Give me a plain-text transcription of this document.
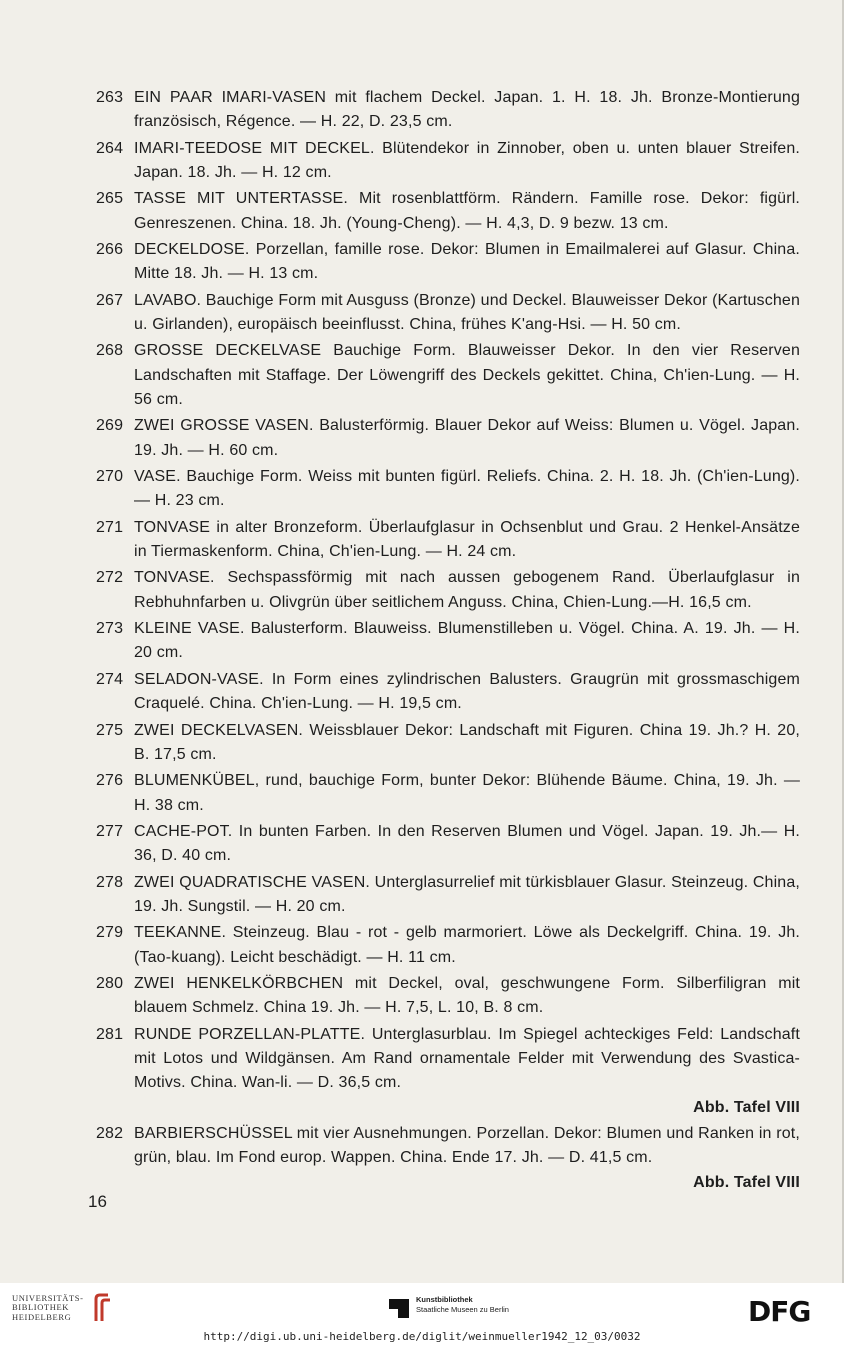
263 EIN PAAR IMARI-VASEN mit flachem Deckel. Japan. 1. H. 18. Jh. Bronze-Montierung französisch, Régence. — H. 22, D. 23,5 cm.
264 IMARI-TEEDOSE MIT DECKEL. Blütendekor in Zinnober, oben u. unten blauer Streifen. Japan. 18. Jh. — H. 12 cm.
265 TASSE MIT UNTERTASSE. Mit rosenblattförm. Rändern. Famille rose. Dekor: figürl. Genreszenen. China. 18. Jh. (Young-Cheng). — H. 4,3, D. 9 bezw. 13 cm.
266 DECKELDOSE. Porzellan, famille rose. Dekor: Blumen in Emailmalerei auf Glasur. China. Mitte 18. Jh. — H. 13 cm.
267 LAVABO. Bauchige Form mit Ausguss (Bronze) und Deckel. Blauweisser Dekor (Kartuschen u. Girlanden), europäisch beeinflusst. China, frühes K'ang-Hsi. — H. 50 cm.
268 GROSSE DECKELVASE Bauchige Form. Blauweisser Dekor. In den vier Reserven Landschaften mit Staffage. Der Löwengriff des Deckels gekittet. China, Ch'ien-Lung. — H. 56 cm.
269 ZWEI GROSSE VASEN. Balusterförmig. Blauer Dekor auf Weiss: Blumen u. Vögel. Japan. 19. Jh. — H. 60 cm.
270 VASE. Bauchige Form. Weiss mit bunten figürl. Reliefs. China. 2. H. 18. Jh. (Ch'ien-Lung). — H. 23 cm.
271 TONVASE in alter Bronzeform. Überlaufglasur in Ochsenblut und Grau. 2 Henkel-Ansätze in Tiermaskenform. China, Ch'ien-Lung. — H. 24 cm.
272 TONVASE. Sechspassförmig mit nach aussen gebogenem Rand. Überlaufglasur in Rebhuhnfarben u. Olivgrün über seitlichem Anguss. China, Chien-Lung.—H. 16,5 cm.
273 KLEINE VASE. Balusterform. Blauweiss. Blumenstilleben u. Vögel. China. A. 19. Jh. — H. 20 cm.
274 SELADON-VASE. In Form eines zylindrischen Balusters. Graugrün mit grossmaschigem Craquelé. China. Ch'ien-Lung. — H. 19,5 cm.
275 ZWEI DECKELVASEN. Weissblauer Dekor: Landschaft mit Figuren. China 19. Jh.? H. 20, B. 17,5 cm.
276 BLUMENKÜBEL, rund, bauchige Form, bunter Dekor: Blühende Bäume. China, 19. Jh. — H. 38 cm.
277 CACHE-POT. In bunten Farben. In den Reserven Blumen und Vögel. Japan. 19. Jh.— H. 36, D. 40 cm.
278 ZWEI QUADRATISCHE VASEN. Unterglasurrelief mit türkisblauer Glasur. Steinzeug. China, 19. Jh. Sungstil. — H. 20 cm.
279 TEEKANNE. Steinzeug. Blau - rot - gelb marmoriert. Löwe als Deckelgriff. China. 19. Jh. (Tao-kuang). Leicht beschädigt. — H. 11 cm.
280 ZWEI HENKELKÖRBCHEN mit Deckel, oval, geschwungene Form. Silberfiligran mit blauem Schmelz. China 19. Jh. — H. 7,5, L. 10, B. 8 cm.
281 RUNDE PORZELLAN-PLATTE. Unterglasurblau. Im Spiegel achteckiges Feld: Landschaft mit Lotos und Wildgänsen. Am Rand ornamentale Felder mit Verwendung des Svastica-Motivs. China. Wan-li. — D. 36,5 cm.
Abb. Tafel VIII
282 BARBIERSCHÜSSEL mit vier Ausnehmungen. Porzellan. Dekor: Blumen und Ranken in rot, grün, blau. Im Fond europ. Wappen. China. Ende 17. Jh. — D. 41,5 cm.
Abb. Tafel VIII
16
UNIVERSITÄTS-
BIBLIOTHEK
HEIDELBERG
Kunstbibliothek
Staatliche Museen zu Berlin	DFG
http://digi.ub.uni-heidelberg.de/diglit/weinmueller1942_12_03/0032
